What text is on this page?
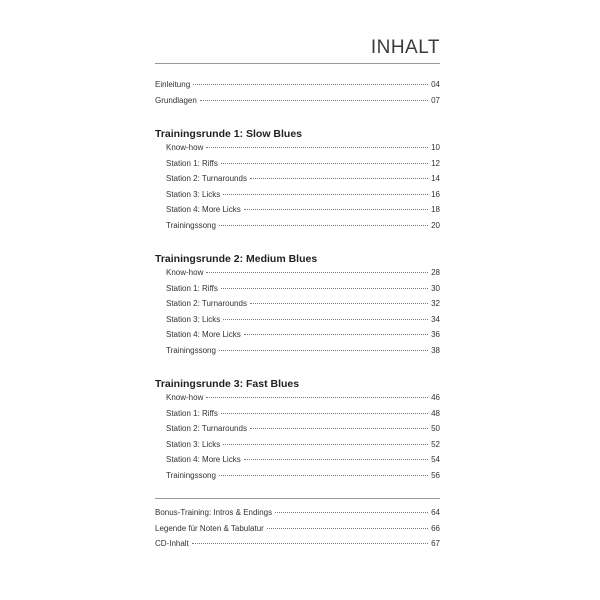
INHALT
Einleitung	04
Grundlagen	07
Trainingsrunde 1: Slow Blues
Know-how	10
Station 1: Riffs	12
Station 2: Turnarounds	14
Station 3: Licks	16
Station 4: More Licks	18
Trainingssong	20
Trainingsrunde 2: Medium Blues
Know-how	28
Station 1: Riffs	30
Station 2: Turnarounds	32
Station 3: Licks	34
Station 4: More Licks	36
Trainingssong	38
Trainingsrunde 3: Fast Blues
Know-how	46
Station 1: Riffs	48
Station 2: Turnarounds	50
Station 3: Licks	52
Station 4: More Licks	54
Trainingssong	56
Bonus-Training: Intros & Endings	64
Legende für Noten & Tabulatur	66
CD-Inhalt	67
